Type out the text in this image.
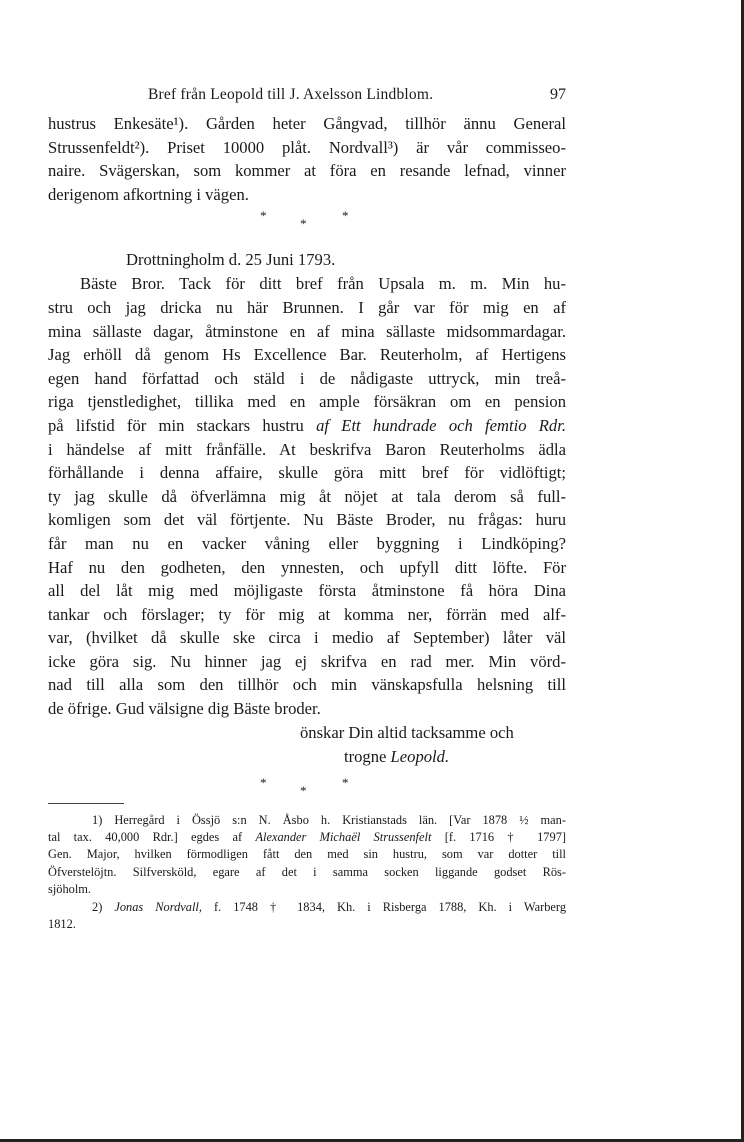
Bref från Leopold till J. Axelsson Lindblom.	97
hustrus Enkesäte¹). Gården heter Gångvad, tillhör ännu General
Strussenfeldt²). Priset 10000 plåt. Nordvall³) är vår commisseo-
naire. Svägerskan, som kommer at föra en resande lefnad, vinner
derigenom afkortning i vägen.
*
*
*
Drottningholm d. 25 Juni 1793.
Bäste Bror. Tack för ditt bref från Upsala m. m. Min hu-
stru och jag dricka nu här Brunnen. I går var för mig en af
mina sällaste dagar, åtminstone en af mina sällaste midsommardagar.
Jag erhöll då genom Hs Excellence Bar. Reuterholm, af Hertigens
egen hand författad och stäld i de nådigaste uttryck, min treå-
riga tjenstledighet, tillika med en ample försäkran om en pension
på lifstid för min stackars hustru af Ett hundrade och femtio Rdr.
i händelse af mitt frånfälle. At beskrifva Baron Reuterholms ädla
förhållande i denna affaire, skulle göra mitt bref för vidlöftigt;
ty jag skulle då öfverlämna mig åt nöjet at tala derom så full-
komligen som det väl förtjente. Nu Bäste Broder, nu frågas: huru
får man nu en vacker våning eller byggning i Lindköping?
Haf nu den godheten, den ynnesten, och upfyll ditt löfte. För
all del låt mig med möjligaste första åtminstone få höra Dina
tankar och förslager; ty för mig at komma ner, förrän med alf-
var, (hvilket då skulle ske circa i medio af September) låter väl
icke göra sig. Nu hinner jag ej skrifva en rad mer. Min vörd-
nad till alla som den tillhör och min vänskapsfulla helsning till
de öfrige. Gud välsigne dig Bäste broder.
önskar Din altid tacksamme och
trogne Leopold.
*
*
*
1) Herregård i Össjö s:n N. Åsbo h. Kristianstads län. [Var 1878 ½ man-
tal tax. 40,000 Rdr.] egdes af Alexander Michaël Strussenfelt [f. 1716 † 1797]
Gen. Major, hvilken förmodligen fått den med sin hustru, som var dotter till
Öfverstelöjtn. Silfversköld, egare af det i samma socken liggande godset Rös-
sjöholm.
2) Jonas Nordvall, f. 1748 † 1834, Kh. i Risberga 1788, Kh. i Warberg
1812.
